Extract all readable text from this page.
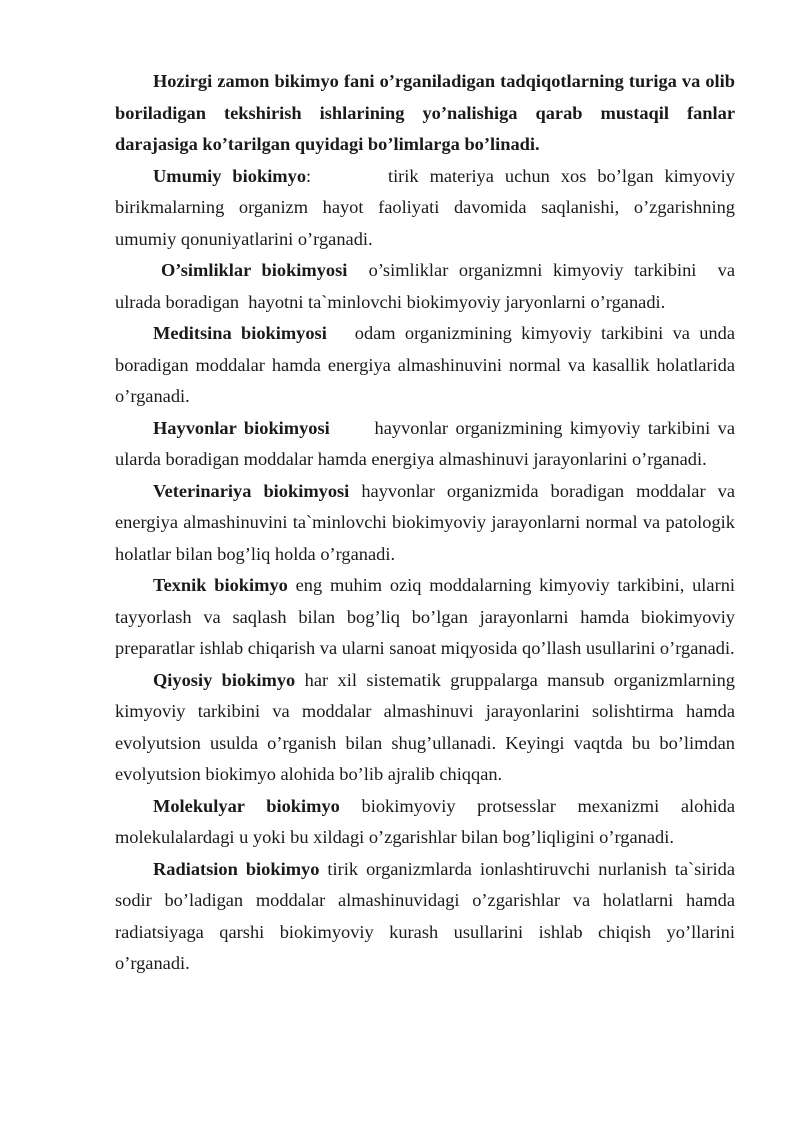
Hozirgi zamon bikimyo fani o’rganiladigan tadqiqotlarning turiga va olib boriladigan tekshirish ishlarining yo’nalishiga qarab mustaqil fanlar darajasiga ko’tarilgan quyidagi bo’limlarga bo’linadi.

Umumiy biokimyo:       tirik materiya uchun xos bo’lgan kimyoviy birikmalarning organizm hayot faoliyati davomida saqlanishi, o’zgarishning umumiy qonuniyatlarini o’rganadi.

O’simliklar biokimyosi  o’simliklar organizmni kimyoviy tarkibini  va ulrada boradigan  hayotni ta`minlovchi biokimyoviy jaryonlarni o’rganadi.

Meditsina biokimyosi   odam organizmining kimyoviy tarkibini va unda boradigan moddalar hamda energiya almashinuvini normal va kasallik holatlarida o’rganadi.

Hayvonlar biokimyosi      hayvonlar organizmining kimyoviy tarkibini va ularda boradigan moddalar hamda energiya almashinuvi jarayonlarini o’rganadi.

Veterinariya biokimyosi hayvonlar organizmida boradigan moddalar va energiya almashinuvini ta`minlovchi biokimyoviy jarayonlarni normal va patologik holatlar bilan bog’liq holda o’rganadi.

Texnik biokimyo eng muhim oziq moddalarning kimyoviy tarkibini, ularni tayyorlash va saqlash bilan bog’liq bo’lgan jarayonlarni hamda biokimyoviy preparatlar ishlab chiqarish va ularni sanoat miqyosida qo’llash usullarini o’rganadi.

Qiyosiy biokimyo har xil sistematik gruppalarga mansub organizmlarning kimyoviy tarkibini va moddalar almashinuvi jarayonlarini solishtirma hamda evolyutsion usulda o’rganish bilan shug’ullanadi. Keyingi vaqtda bu bo’limdan evolyutsion biokimyo alohida bo’lib ajralib chiqqan.

Molekulyar biokimyo biokimyoviy protsesslar mexanizmi alohida molekulalardagi u yoki bu xildagi o’zgarishlar bilan bog’liqligini o’rganadi.

Radiatsion biokimyo tirik organizmlarda ionlashtiruvchi nurlanish ta`sirida sodir bo’ladigan moddalar almashinuvidagi o’zgarishlar va holatlarni hamda radiatsiyaga qarshi biokimyoviy kurash usullarini ishlab chiqish yo’llarini o’rganadi.
